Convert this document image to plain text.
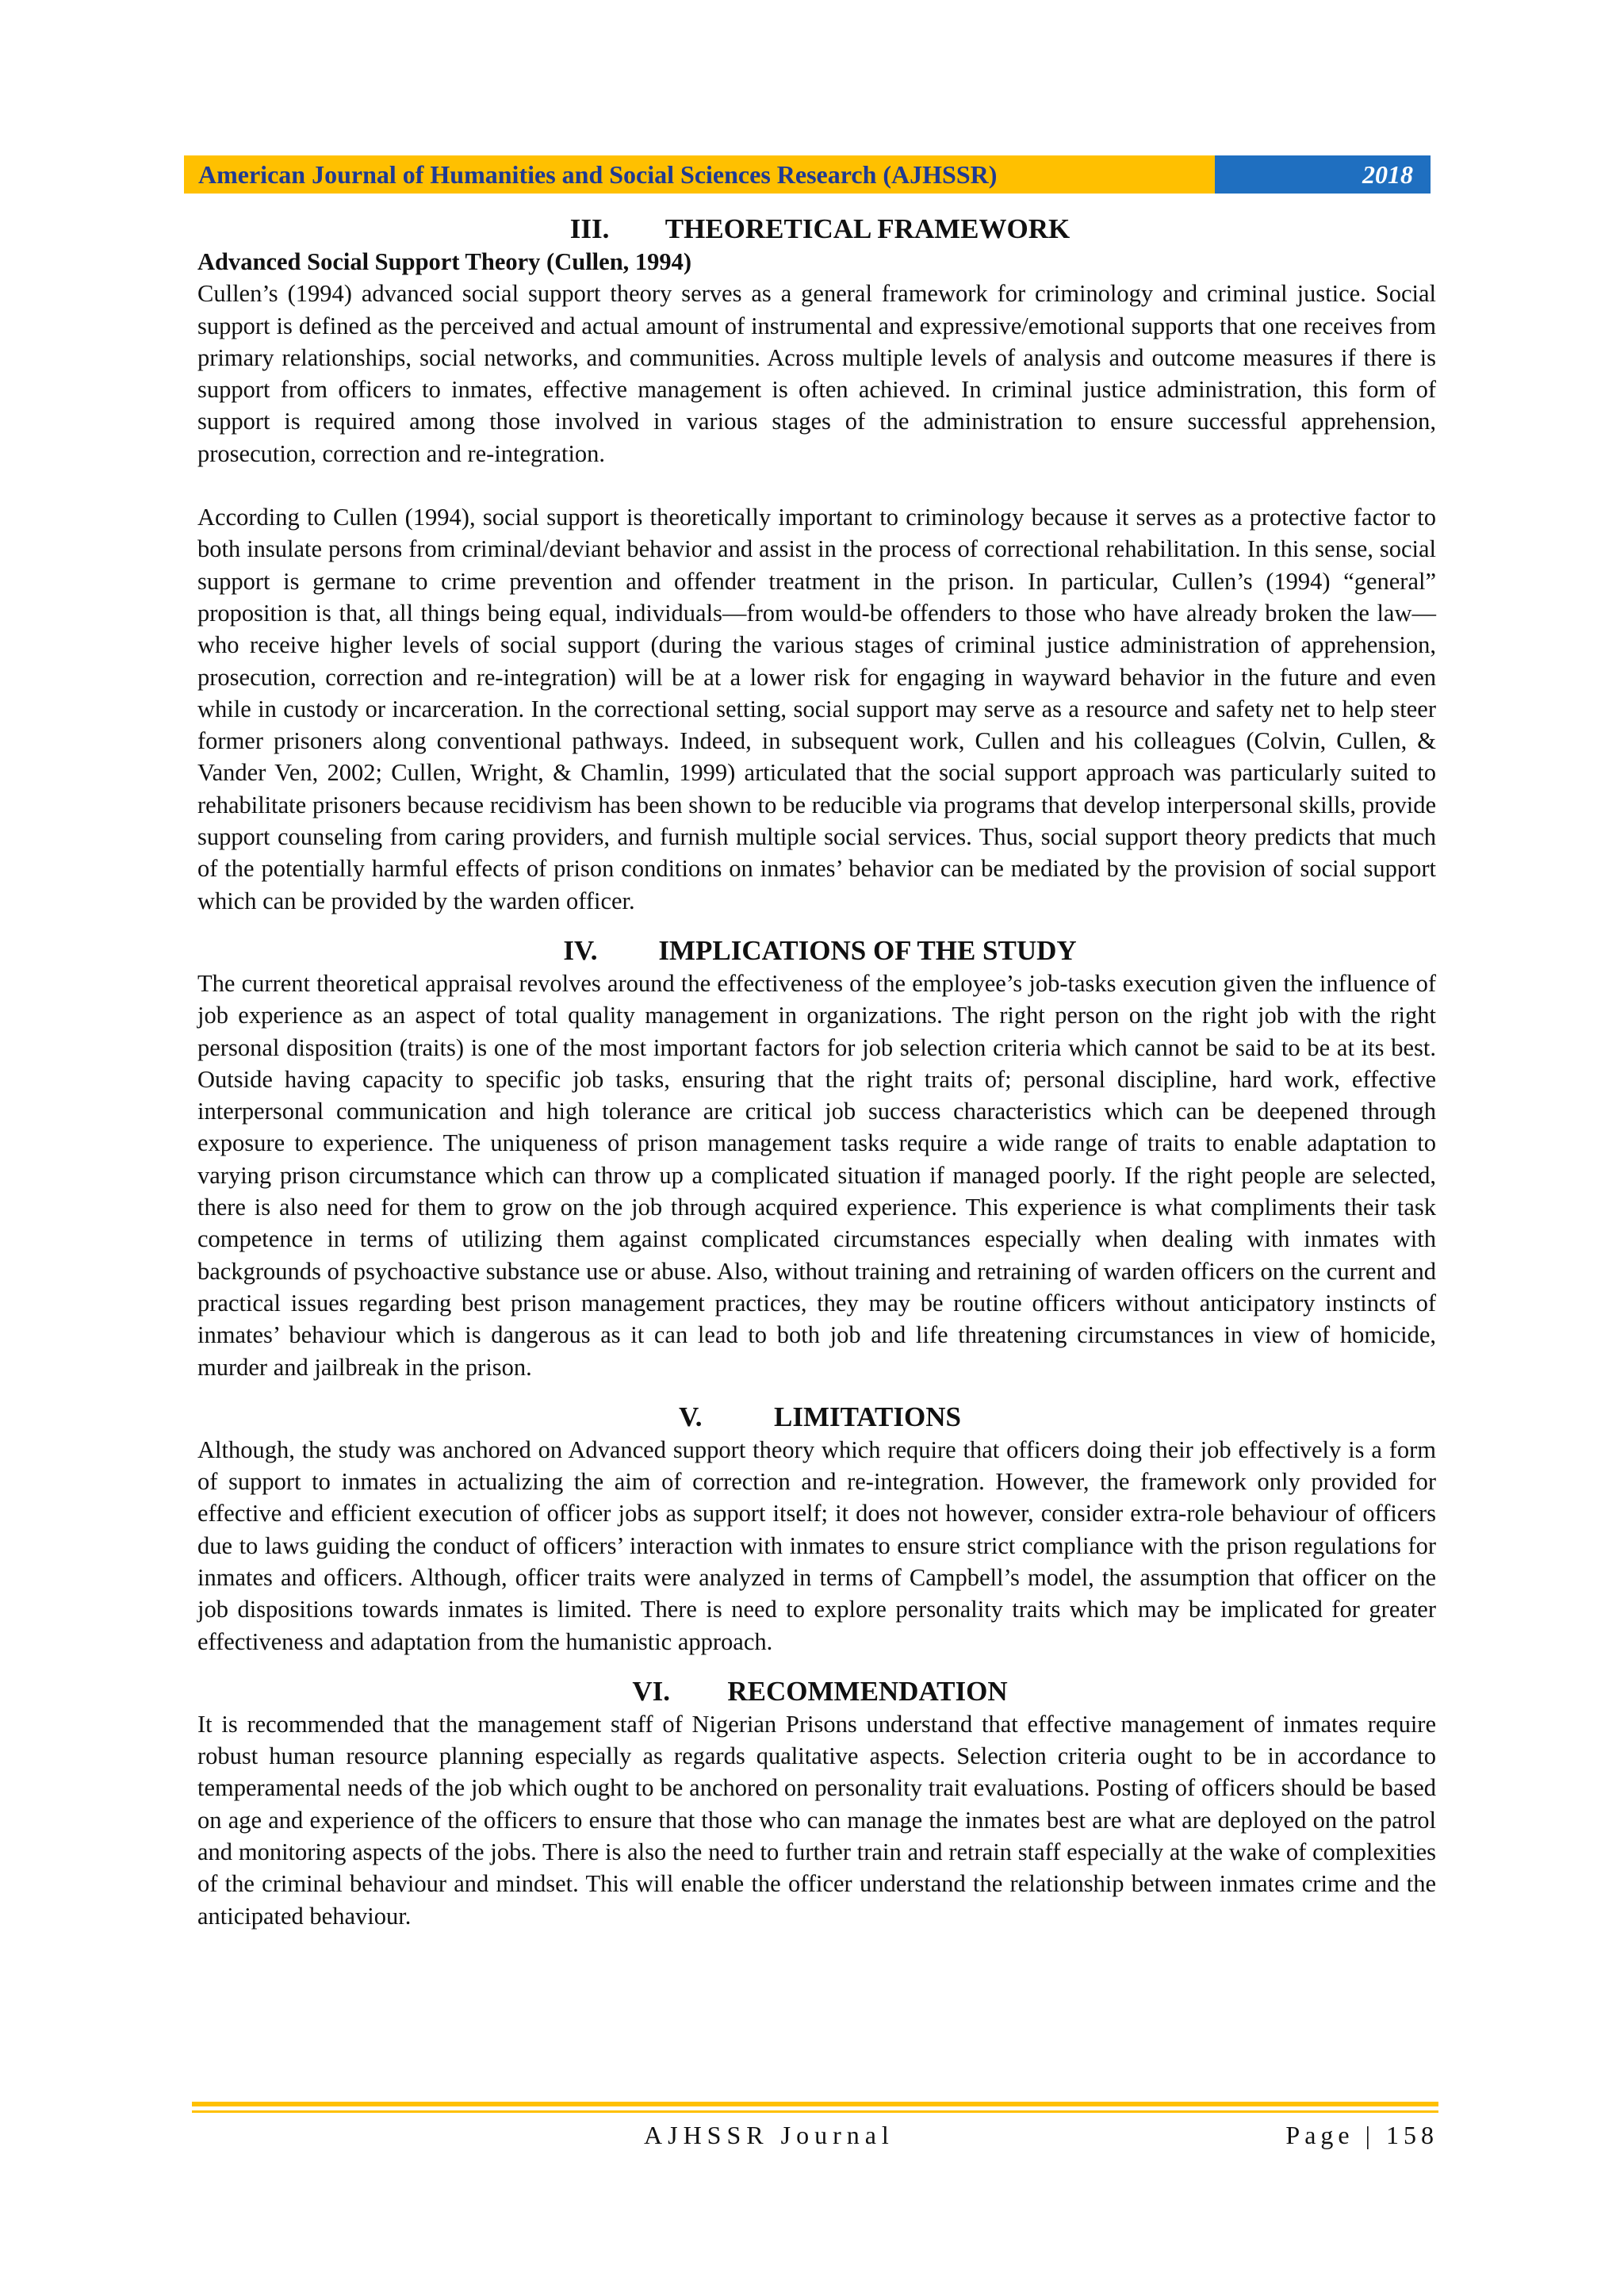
American Journal of Humanities and Social Sciences Research (AJHSSR)	2018
III. THEORETICAL FRAMEWORK
Advanced Social Support Theory (Cullen, 1994)

Cullen’s (1994) advanced social support theory serves as a general framework for criminology and criminal justice. Social support is defined as the perceived and actual amount of instrumental and expressive/emotional supports that one receives from primary relationships, social networks, and communities. Across multiple levels of analysis and outcome measures if there is support from officers to inmates, effective management is often achieved. In criminal justice administration, this form of support is required among those involved in various stages of the administration to ensure successful apprehension, prosecution, correction and re-integration.

According to Cullen (1994), social support is theoretically important to criminology because it serves as a protective factor to both insulate persons from criminal/deviant behavior and assist in the process of correctional rehabilitation. In this sense, social support is germane to crime prevention and offender treatment in the prison. In particular, Cullen’s (1994) “general” proposition is that, all things being equal, individuals—from would-be offenders to those who have already broken the law—who receive higher levels of social support (during the various stages of criminal justice administration of apprehension, prosecution, correction and re-integration) will be at a lower risk for engaging in wayward behavior in the future and even while in custody or incarceration. In the correctional setting, social support may serve as a resource and safety net to help steer former prisoners along conventional pathways. Indeed, in subsequent work, Cullen and his colleagues (Colvin, Cullen, & Vander Ven, 2002; Cullen, Wright, & Chamlin, 1999) articulated that the social support approach was particularly suited to rehabilitate prisoners because recidivism has been shown to be reducible via programs that develop interpersonal skills, provide support counseling from caring providers, and furnish multiple social services. Thus, social support theory predicts that much of the potentially harmful effects of prison conditions on inmates’ behavior can be mediated by the provision of social support which can be provided by the warden officer.

IV. IMPLICATIONS OF THE STUDY

The current theoretical appraisal revolves around the effectiveness of the employee’s job-tasks execution given the influence of job experience as an aspect of total quality management in organizations. The right person on the right job with the right personal disposition (traits) is one of the most important factors for job selection criteria which cannot be said to be at its best. Outside having capacity to specific job tasks, ensuring that the right traits of; personal discipline, hard work, effective interpersonal communication and high tolerance are critical job success characteristics which can be deepened through exposure to experience. The uniqueness of prison management tasks require a wide range of traits to enable adaptation to varying prison circumstance which can throw up a complicated situation if managed poorly. If the right people are selected, there is also need for them to grow on the job through acquired experience. This experience is what compliments their task competence in terms of utilizing them against complicated circumstances especially when dealing with inmates with backgrounds of psychoactive substance use or abuse. Also, without training and retraining of warden officers on the current and practical issues regarding best prison management practices, they may be routine officers without anticipatory instincts of inmates’ behaviour which is dangerous as it can lead to both job and life threatening circumstances in view of homicide, murder and jailbreak in the prison.

V.	LIMITATIONS

Although, the study was anchored on Advanced support theory which require that officers doing their job effectively is a form of support to inmates in actualizing the aim of correction and re-integration. However, the framework only provided for effective and efficient execution of officer jobs as support itself; it does not however, consider extra-role behaviour of officers due to laws guiding the conduct of officers’ interaction with inmates to ensure strict compliance with the prison regulations for inmates and officers. Although, officer traits were analyzed in terms of Campbell’s model, the assumption that officer on the job dispositions towards inmates is limited. There is need to explore personality traits which may be implicated for greater effectiveness and adaptation from the humanistic approach.

VI. RECOMMENDATION

It is recommended that the management staff of Nigerian Prisons understand that effective management of inmates require robust human resource planning especially as regards qualitative aspects. Selection criteria ought to be in accordance to temperamental needs of the job which ought to be anchored on personality trait evaluations. Posting of officers should be based on age and experience of the officers to ensure that those who can manage the inmates best are what are deployed on the patrol and monitoring aspects of the jobs. There is also the need to further train and retrain staff especially at the wake of complexities of the criminal behaviour and mindset. This will enable the officer understand the relationship between inmates crime and the anticipated behaviour.

AJHSSR Journal	Page | 158
